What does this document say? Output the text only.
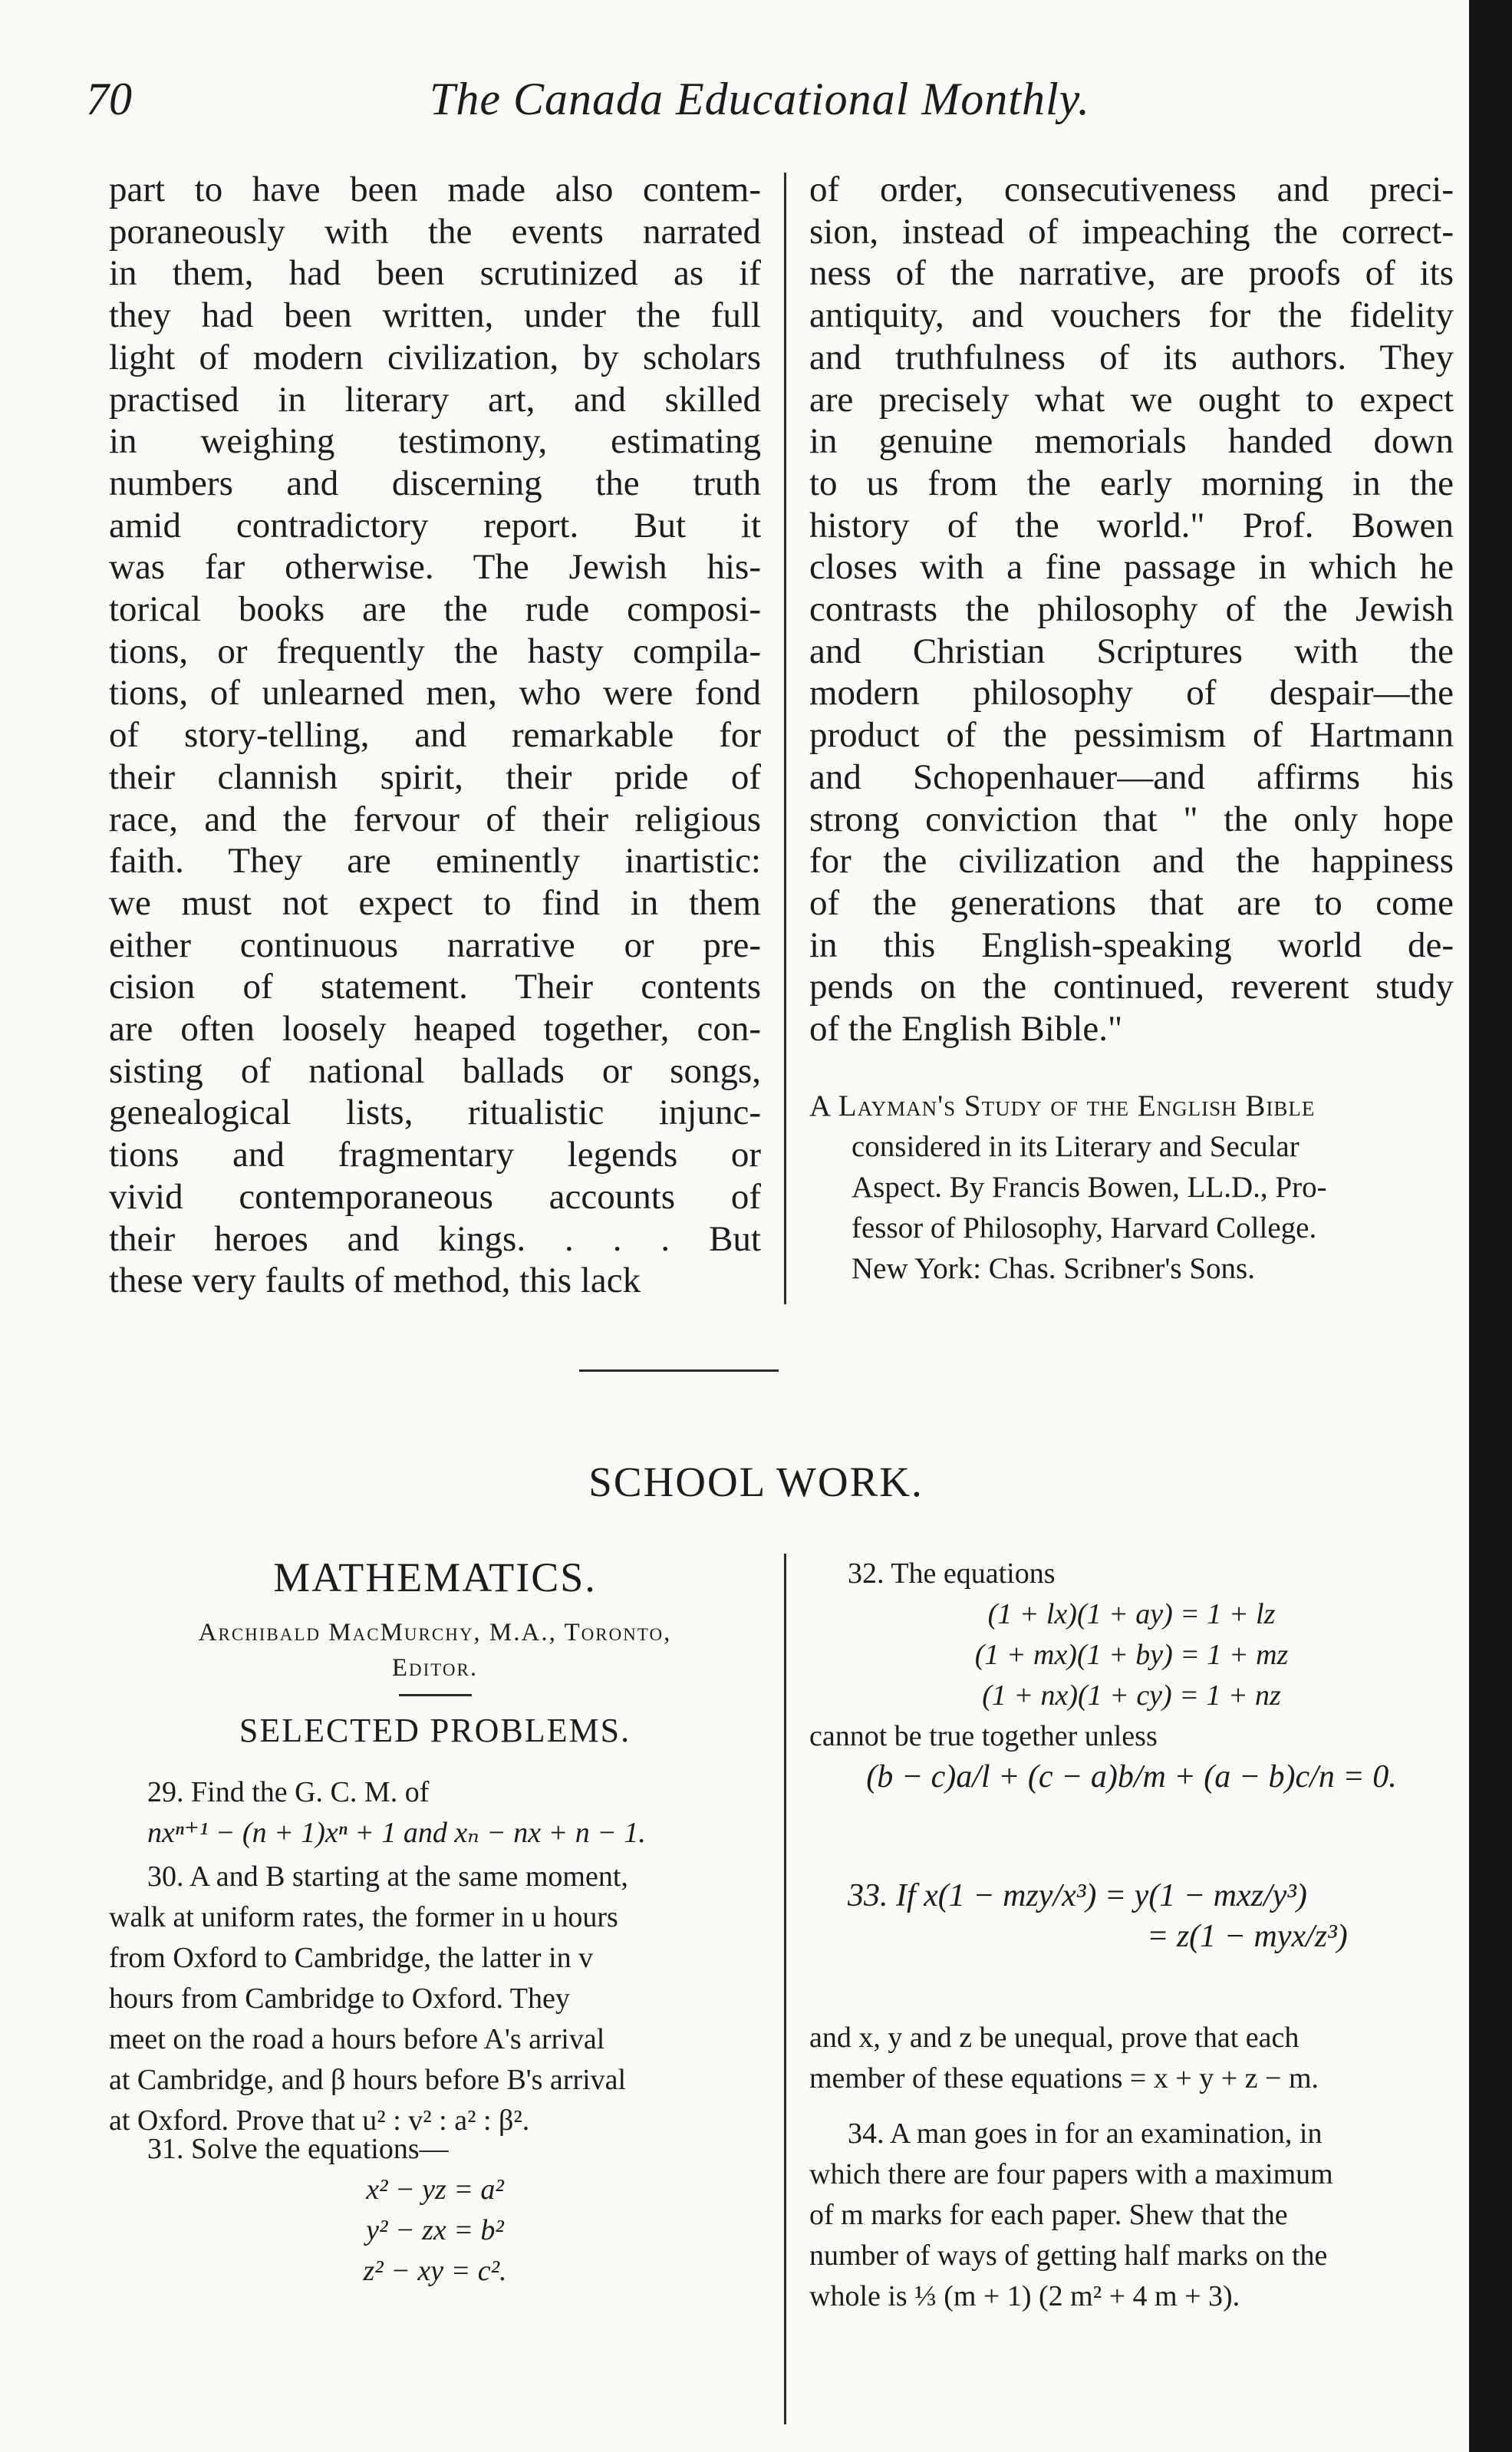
70	The Canada Educational Monthly.
part to have been made also contem-
poraneously with the events narrated
in them, had been scrutinized as if
they had been written, under the full
light of modern civilization, by scholars
practised in literary art, and skilled
in weighing testimony, estimating
numbers and discerning the truth
amid contradictory report. But it
was far otherwise. The Jewish his-
torical books are the rude composi-
tions, or frequently the hasty compila-
tions, of unlearned men, who were fond
of story-telling, and remarkable for
their clannish spirit, their pride of
race, and the fervour of their religious
faith. They are eminently inartistic:
we must not expect to find in them
either continuous narrative or pre-
cision of statement. Their contents
are often loosely heaped together, con-
sisting of national ballads or songs,
genealogical lists, ritualistic injunc-
tions and fragmentary legends or
vivid contemporaneous accounts of
their heroes and kings. . . . But
these very faults of method, this lack
of order, consecutiveness and preci-
sion, instead of impeaching the correct-
ness of the narrative, are proofs of its
antiquity, and vouchers for the fidelity
and truthfulness of its authors. They
are precisely what we ought to expect
in genuine memorials handed down
to us from the early morning in the
history of the world." Prof. Bowen
closes with a fine passage in which he
contrasts the philosophy of the Jewish
and Christian Scriptures with the
modern philosophy of despair—the
product of the pessimism of Hartmann
and Schopenhauer—and affirms his
strong conviction that " the only hope
for the civilization and the happiness
of the generations that are to come
in this English-speaking world de-
pends on the continued, reverent study
of the English Bible."
A Layman's Study of the English Bible
considered in its Literary and Secular
Aspect. By Francis Bowen, LL.D., Pro-
fessor of Philosophy, Harvard College.
New York: Chas. Scribner's Sons.
SCHOOL WORK.
MATHEMATICS.
Archibald MacMurchy, M.A., Toronto,
Editor.
SELECTED PROBLEMS.
29. Find the G. C. M. of
nxⁿ⁺¹ − (n + 1)xⁿ + 1 and xₙ − nx + n − 1.
30. A and B starting at the same moment,
walk at uniform rates, the former in u hours
from Oxford to Cambridge, the latter in v
hours from Cambridge to Oxford. They
meet on the road a hours before A's arrival
at Cambridge, and β hours before B's arrival
at Oxford. Prove that u² : v² : a² : β².
31. Solve the equations—
x² − yz = a²
y² − zx = b²
z² − xy = c².
32. The equations
(1 + lx)(1 + ay) = 1 + lz
(1 + mx)(1 + by) = 1 + mz
(1 + nx)(1 + cy) = 1 + nz
cannot be true together unless
(b − c)a/l + (c − a)b/m + (a − b)c/n = 0.
33. If x(1 − mzy/x³) = y(1 − mxz/y³)
= z(1 − myx/z³)
and x, y and z be unequal, prove that each
member of these equations = x + y + z − m.
34. A man goes in for an examination, in
which there are four papers with a maximum
of m marks for each paper. Shew that the
number of ways of getting half marks on the
whole is ⅓ (m + 1) (2 m² + 4 m + 3).
